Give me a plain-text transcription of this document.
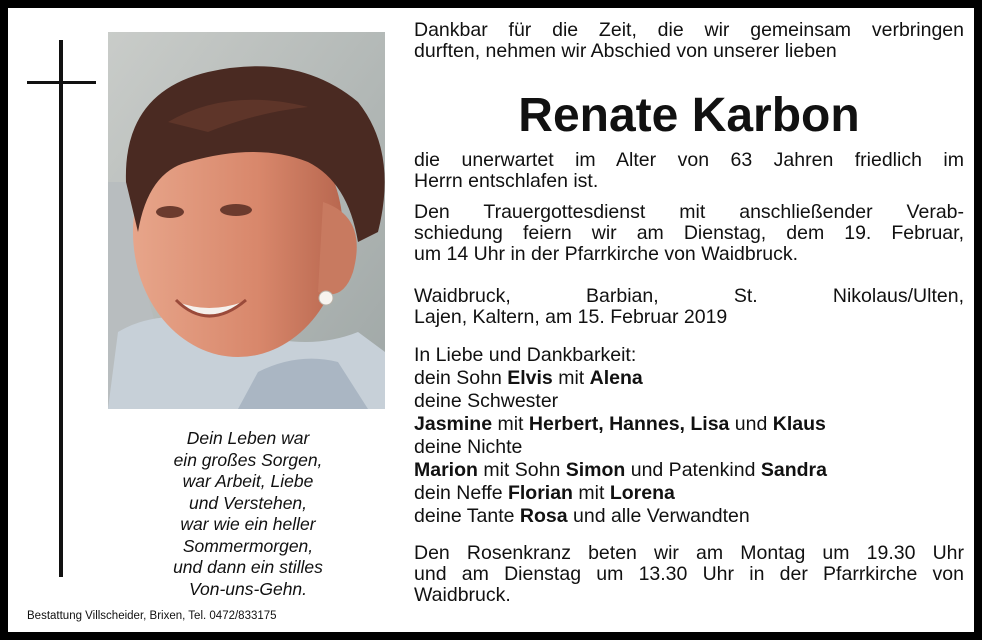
Dein Leben war
ein großes Sorgen,
war Arbeit, Liebe
und Verstehen,
war wie ein heller
Sommermorgen,
und dann ein stilles
Von-uns-Gehn.
Bestattung Villscheider, Brixen, Tel. 0472/833175
Dankbar für die Zeit, die wir gemeinsam verbringen
durften, nehmen wir Abschied von unserer lieben
Renate Karbon
die unerwartet im Alter von 63 Jahren friedlich im
Herrn entschlafen ist.
Den Trauergottesdienst mit anschließender Verab-
schiedung feiern wir am Dienstag, dem 19. Februar,
um 14 Uhr in der Pfarrkirche von Waidbruck.
Waidbruck, Barbian, St. Nikolaus/Ulten,
Lajen, Kaltern, am 15. Februar 2019
In Liebe und Dankbarkeit:
dein Sohn Elvis mit Alena
deine Schwester
Jasmine mit Herbert, Hannes, Lisa und Klaus
deine Nichte
Marion mit Sohn Simon und Patenkind Sandra
dein Neffe Florian mit Lorena
deine Tante Rosa und alle Verwandten
Den Rosenkranz beten wir am Montag um 19.30 Uhr
und am Dienstag um 13.30 Uhr in der Pfarrkirche von
Waidbruck.
